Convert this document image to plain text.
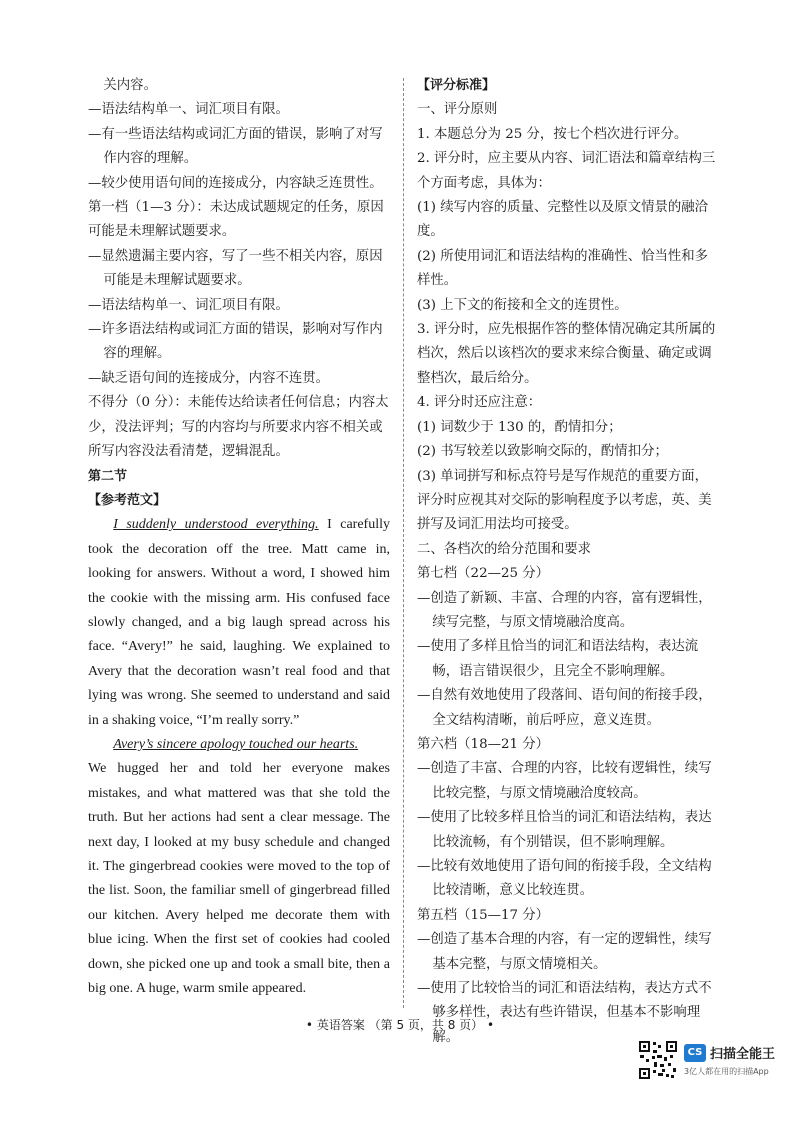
关内容。

—语法结构单一、词汇项目有限。

—有一些语法结构或词汇方面的错误，影响了对写作内容的理解。

—较少使用语句间的连接成分，内容缺乏连贯性。

第一档（1—3 分）：未达成试题规定的任务，原因可能是未理解试题要求。

—显然遗漏主要内容，写了一些不相关内容，原因可能是未理解试题要求。

—语法结构单一、词汇项目有限。

—许多语法结构或词汇方面的错误，影响对写作内容的理解。

—缺乏语句间的连接成分，内容不连贯。

不得分（0 分）：未能传达给读者任何信息；内容太少，没法评判；写的内容均与所要求内容不相关或所写内容没法看清楚，逻辑混乱。

第二节

【参考范文】

I suddenly understood everything. I carefully took the decoration off the tree. Matt came in, looking for answers. Without a word, I showed him the cookie with the missing arm. His confused face slowly changed, and a big laugh spread across his face. “Avery!” he said, laughing. We explained to Avery that the decoration wasn’t real food and that lying was wrong. She seemed to understand and said in a shaking voice, “I’m really sorry.”

Avery’s sincere apology touched our hearts.

We hugged her and told her everyone makes mistakes, and what mattered was that she told the truth. But her actions had sent a clear message. The next day, I looked at my busy schedule and changed it. The gingerbread cookies were moved to the top of the list. Soon, the familiar smell of gingerbread filled our kitchen. Avery helped me decorate them with blue icing. When the first set of cookies had cooled down, she picked one up and took a small bite, then a big one. A huge, warm smile appeared.

【评分标准】

一、评分原则

1. 本题总分为 25 分，按七个档次进行评分。

2. 评分时，应主要从内容、词汇语法和篇章结构三个方面考虑，具体为：

(1) 续写内容的质量、完整性以及原文情景的融洽度。

(2) 所使用词汇和语法结构的准确性、恰当性和多样性。

(3) 上下文的衔接和全文的连贯性。

3. 评分时，应先根据作答的整体情况确定其所属的档次，然后以该档次的要求来综合衡量、确定或调整档次，最后给分。

4. 评分时还应注意：

(1) 词数少于 130 的，酌情扣分；

(2) 书写较差以致影响交际的，酌情扣分；

(3) 单词拼写和标点符号是写作规范的重要方面，评分时应视其对交际的影响程度予以考虑，英、美拼写及词汇用法均可接受。

二、各档次的给分范围和要求

第七档（22—25 分）

—创造了新颖、丰富、合理的内容，富有逻辑性，续写完整，与原文情境融洽度高。

—使用了多样且恰当的词汇和语法结构，表达流畅，语言错误很少，且完全不影响理解。

—自然有效地使用了段落间、语句间的衔接手段，全文结构清晰，前后呼应，意义连贯。

第六档（18—21 分）

—创造了丰富、合理的内容，比较有逻辑性，续写比较完整，与原文情境融洽度较高。

—使用了比较多样且恰当的词汇和语法结构，表达比较流畅，有个别错误，但不影响理解。

—比较有效地使用了语句间的衔接手段，全文结构比较清晰，意义比较连贯。

第五档（15—17 分）

—创造了基本合理的内容，有一定的逻辑性，续写基本完整，与原文情境相关。

—使用了比较恰当的词汇和语法结构，表达方式不够多样性，表达有些许错误，但基本不影响理解。

• 英语答案 （第 5 页，共 8 页） •
CS 扫描全能王
3亿人都在用的扫描App
